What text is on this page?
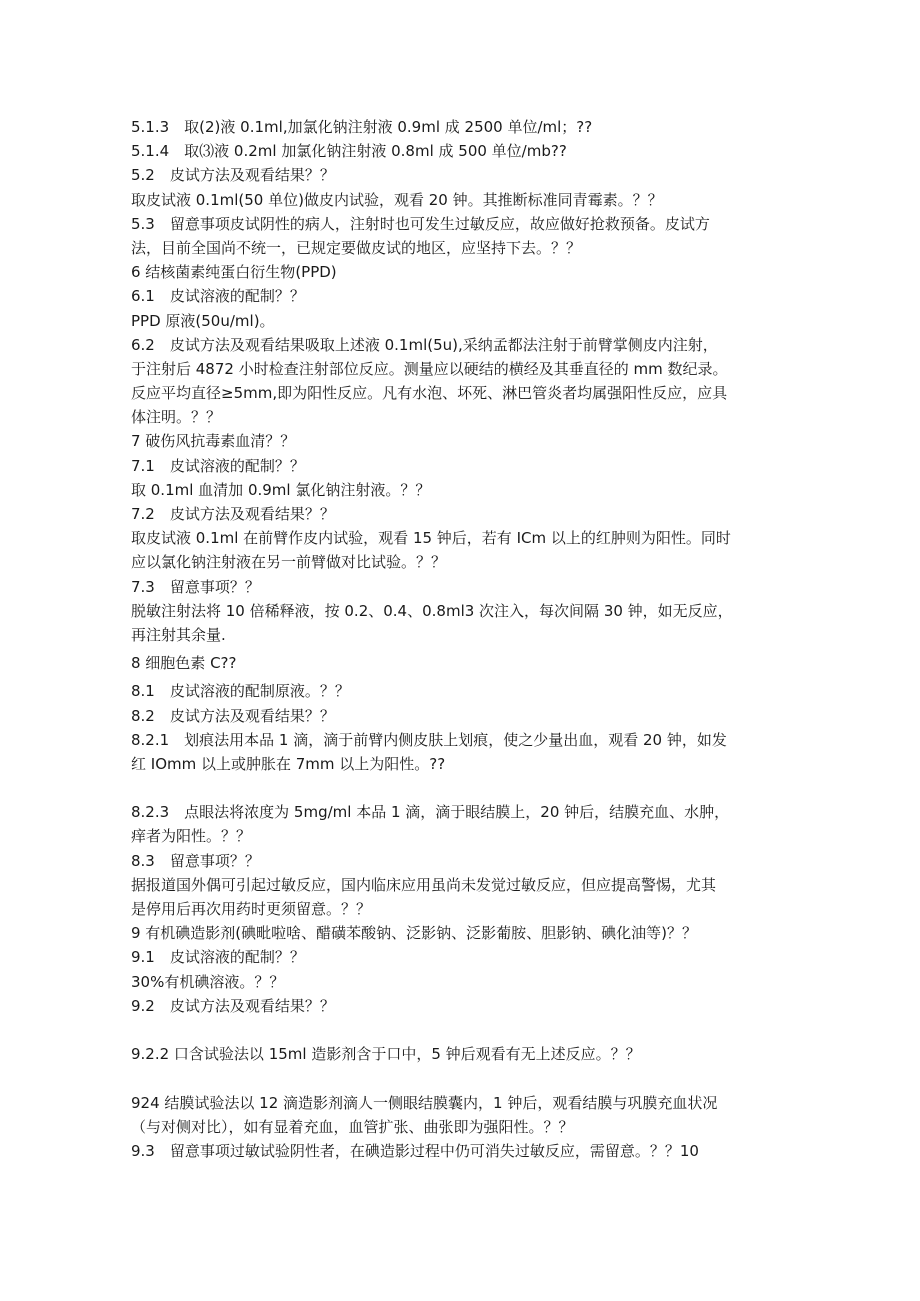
5.1.3　取(2)液 0.1ml,加氯化钠注射液 0.9ml 成 2500 单位/ml；??
5.1.4　取⑶液 0.2ml 加氯化钠注射液 0.8ml 成 500 单位/mb??
5.2　皮试方法及观看结果？？
取皮试液 0.1ml(50 单位)做皮内试验，观看 20 钟。其推断标准同青霉素。？？
5.3　留意事项皮试阴性的病人，注射时也可发生过敏反应，故应做好抢救预备。皮试方
法，目前全国尚不统一，已规定要做皮试的地区，应坚持下去。？？
6 结核菌素纯蛋白衍生物(PPD)
6.1　皮试溶液的配制？？
PPD 原液(50u∕ml)。
6.2　皮试方法及观看结果吸取上述液 0.1ml(5u),采纳孟都法注射于前臂掌侧皮内注射，
于注射后 4872 小时检查注射部位反应。测量应以硬结的横经及其垂直径的 mm 数纪录。
反应平均直径≥5mm,即为阳性反应。凡有水泡、坏死、淋巴管炎者均属强阳性反应，应具
体注明。？？
7 破伤风抗毒素血清？？
7.1　皮试溶液的配制？？
取 0.1ml 血清加 0.9ml 氯化钠注射液。？？
7.2　皮试方法及观看结果？？
取皮试液 0.1ml 在前臂作皮内试验，观看 15 钟后，若有 ICm 以上的红肿则为阳性。同时
应以氯化钠注射液在另一前臂做对比试验。？？
7.3　留意事项？？
脱敏注射法将 10 倍稀释液，按 0.2、0.4、0.8ml3 次注入，每次间隔 30 钟，如无反应，
再注射其余量.
8 细胞色素 C??
8.1　皮试溶液的配制原液。？？
8.2　皮试方法及观看结果？？
8.2.1　划痕法用本品 1 滴，滴于前臂内侧皮肤上划痕，使之少量出血，观看 20 钟，如发
红 IOmm 以上或肿胀在 7mm 以上为阳性。??
8.2.3　点眼法将浓度为 5mg∕ml 本品 1 滴，滴于眼结膜上，20 钟后，结膜充血、水肿，
痒者为阳性。？？
8.3　留意事项？？
据报道国外偶可引起过敏反应，国内临床应用虽尚未发觉过敏反应，但应提高警惕，尤其
是停用后再次用药时更须留意。？？
9 有机碘造影剂(碘毗啦啥、醋磺苯酸钠、泛影钠、泛影葡胺、胆影钠、碘化油等)？？
9.1　皮试溶液的配制？？
30%有机碘溶液。？？
9.2　皮试方法及观看结果？？
9.2.2 口含试验法以 15ml 造影剂含于口中，5 钟后观看有无上述反应。？？
924 结膜试验法以 12 滴造影剂滴人一侧眼结膜囊内，1 钟后，观看结膜与巩膜充血状况
（与对侧对比），如有显着充血，血管扩张、曲张即为强阳性。？？
9.3　留意事项过敏试验阴性者，在碘造影过程中仍可消失过敏反应，需留意。？？10
